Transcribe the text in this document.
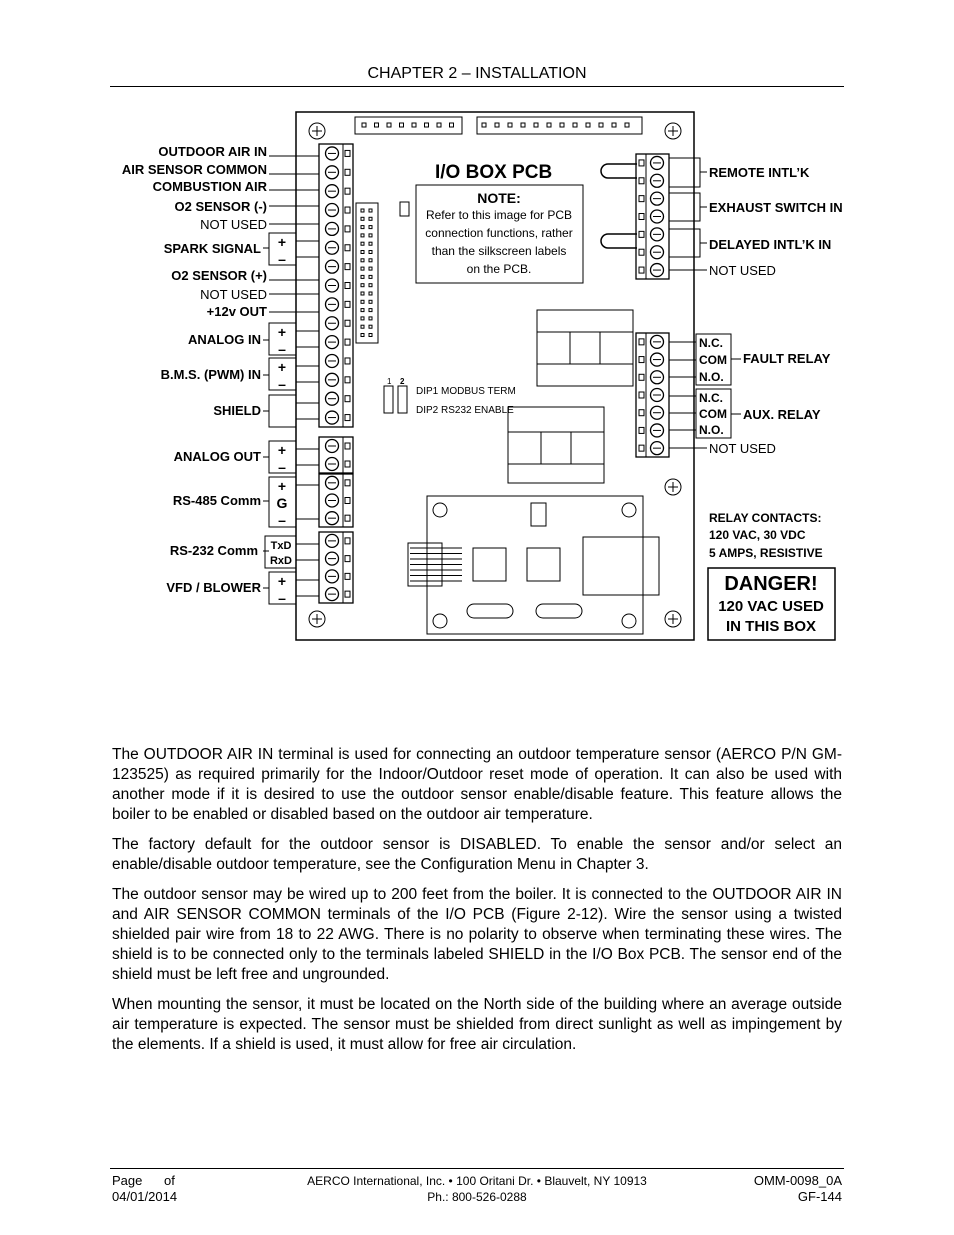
CHAPTER 2 – INSTALLATION
I/O BOX PCB
NOTE:
Refer to this image for PCB
connection functions, rather
than the silkscreen labels
on the PCB.
1 2
DIP1 MODBUS TERM
DIP2 RS232 ENABLE
OUTDOOR AIR IN
AIR SENSOR COMMON
COMBUSTION AIR
O2 SENSOR (-)
NOT USED
SPARK SIGNAL
O2 SENSOR (+)
NOT USED
+12v OUT
ANALOG IN
B.M.S. (PWM) IN
SHIELD
ANALOG OUT
RS-485 Comm
RS-232 Comm
VFD / BLOWER
+
–
+
–
+
–
+
–
+
G
–
TxD
RxD
+
–
REMOTE INTL’K
EXHAUST SWITCH IN
DELAYED INTL’K IN
NOT USED
N.C.
COM
N.O.
FAULT RELAY
N.C.
COM
N.O.
AUX. RELAY
NOT USED
RELAY CONTACTS:
120 VAC, 30 VDC
5 AMPS, RESISTIVE
DANGER!
120 VAC USED
IN THIS BOX

The OUTDOOR AIR IN terminal is used for connecting an outdoor temperature sensor (AERCO P/N GM-123525) as required primarily for the Indoor/Outdoor reset mode of operation. It can also be used with another mode if it is desired to use the outdoor sensor enable/disable feature. This feature allows the boiler to be enabled or disabled based on the outdoor air temperature.

The factory default for the outdoor sensor is DISABLED. To enable the sensor and/or select an enable/disable outdoor temperature, see the Configuration Menu in Chapter 3.

The outdoor sensor may be wired up to 200 feet from the boiler. It is connected to the OUTDOOR AIR IN and AIR SENSOR COMMON terminals of the I/O PCB (Figure 2-12). Wire the sensor using a twisted shielded pair wire from 18 to 22 AWG. There is no polarity to observe when terminating these wires. The shield is to be connected only to the terminals labeled SHIELD in the I/O Box PCB. The sensor end of the shield must be left free and ungrounded.

When mounting the sensor, it must be located on the North side of the building where an average outside air temperature is expected. The sensor must be shielded from direct sunlight as well as impingement by the elements. If a shield is used, it must allow for free air circulation.

Page      of
04/01/2014
AERCO International, Inc. • 100 Oritani Dr. • Blauvelt, NY 10913
Ph.: 800-526-0288
OMM-0098_0A
GF-144
